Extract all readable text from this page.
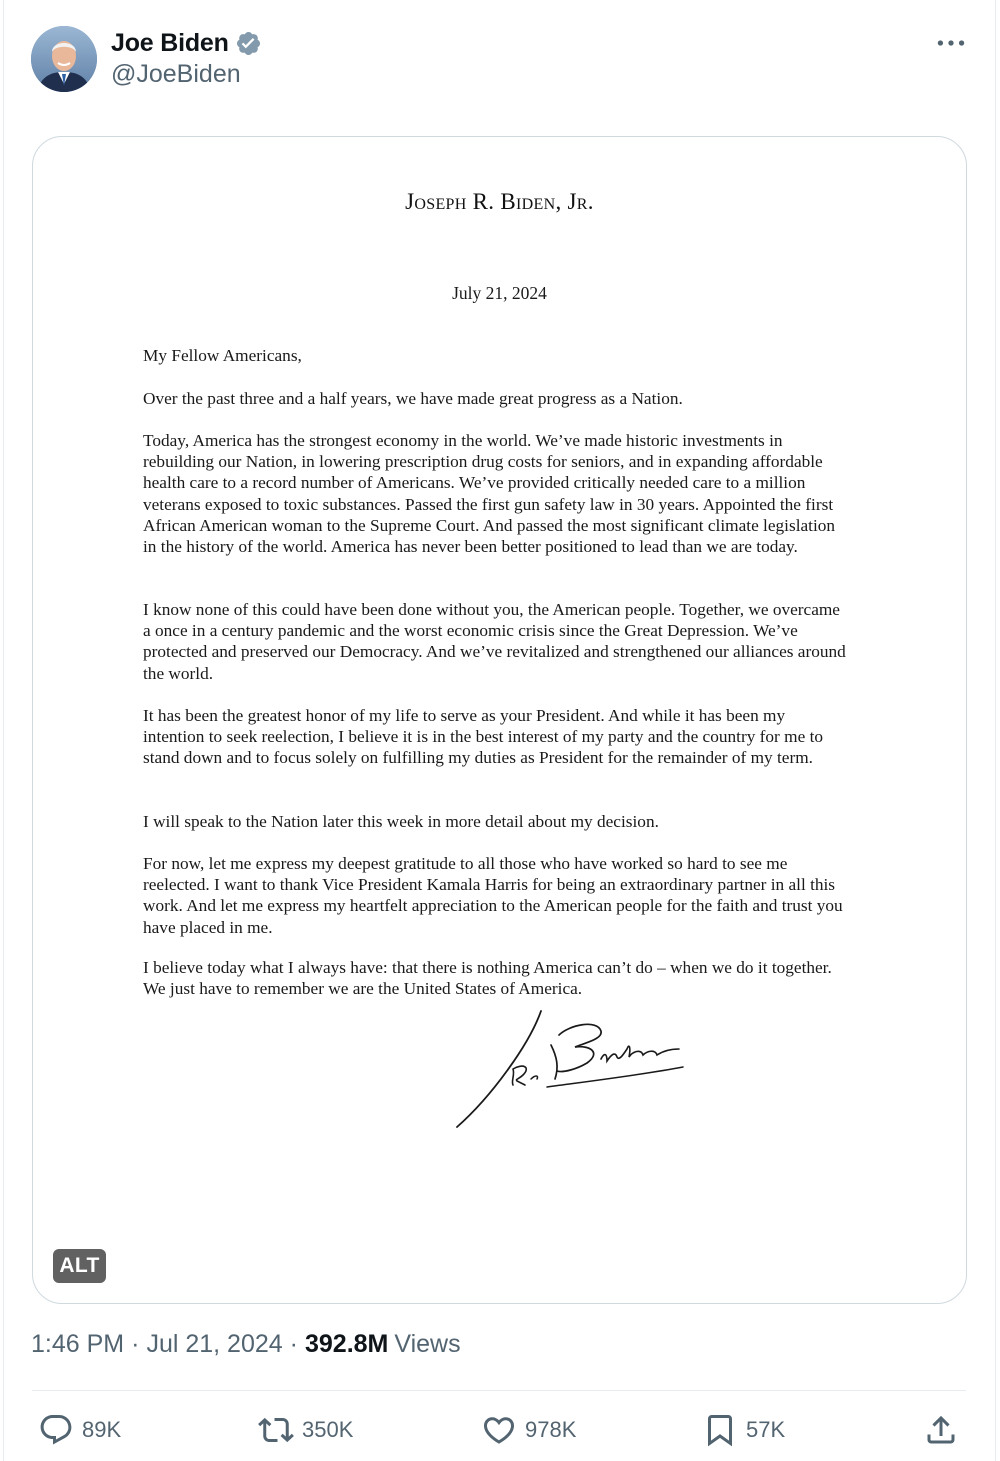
Joe Biden
@JoeBiden
Joseph R. Biden, Jr.
July 21, 2024
My Fellow Americans,
Over the past three and a half years, we have made great progress as a Nation.
Today, America has the strongest economy in the world. We’ve made historic investments in rebuilding our Nation, in lowering prescription drug costs for seniors, and in expanding affordable health care to a record number of Americans. We’ve provided critically needed care to a million veterans exposed to toxic substances. Passed the first gun safety law in 30 years. Appointed the first African American woman to the Supreme Court. And passed the most significant climate legislation in the history of the world. America has never been better positioned to lead than we are today.
I know none of this could have been done without you, the American people. Together, we overcame a once in a century pandemic and the worst economic crisis since the Great Depression. We’ve protected and preserved our Democracy. And we’ve revitalized and strengthened our alliances around the world.
It has been the greatest honor of my life to serve as your President. And while it has been my intention to seek reelection, I believe it is in the best interest of my party and the country for me to stand down and to focus solely on fulfilling my duties as President for the remainder of my term.
I will speak to the Nation later this week in more detail about my decision.
For now, let me express my deepest gratitude to all those who have worked so hard to see me reelected. I want to thank Vice President Kamala Harris for being an extraordinary partner in all this work. And let me express my heartfelt appreciation to the American people for the faith and trust you have placed in me.
I believe today what I always have: that there is nothing America can’t do – when we do it together. We just have to remember we are the United States of America.
ALT
1:46 PM · Jul 21, 2024 · 392.8M Views
89K	350K	978K	57K
